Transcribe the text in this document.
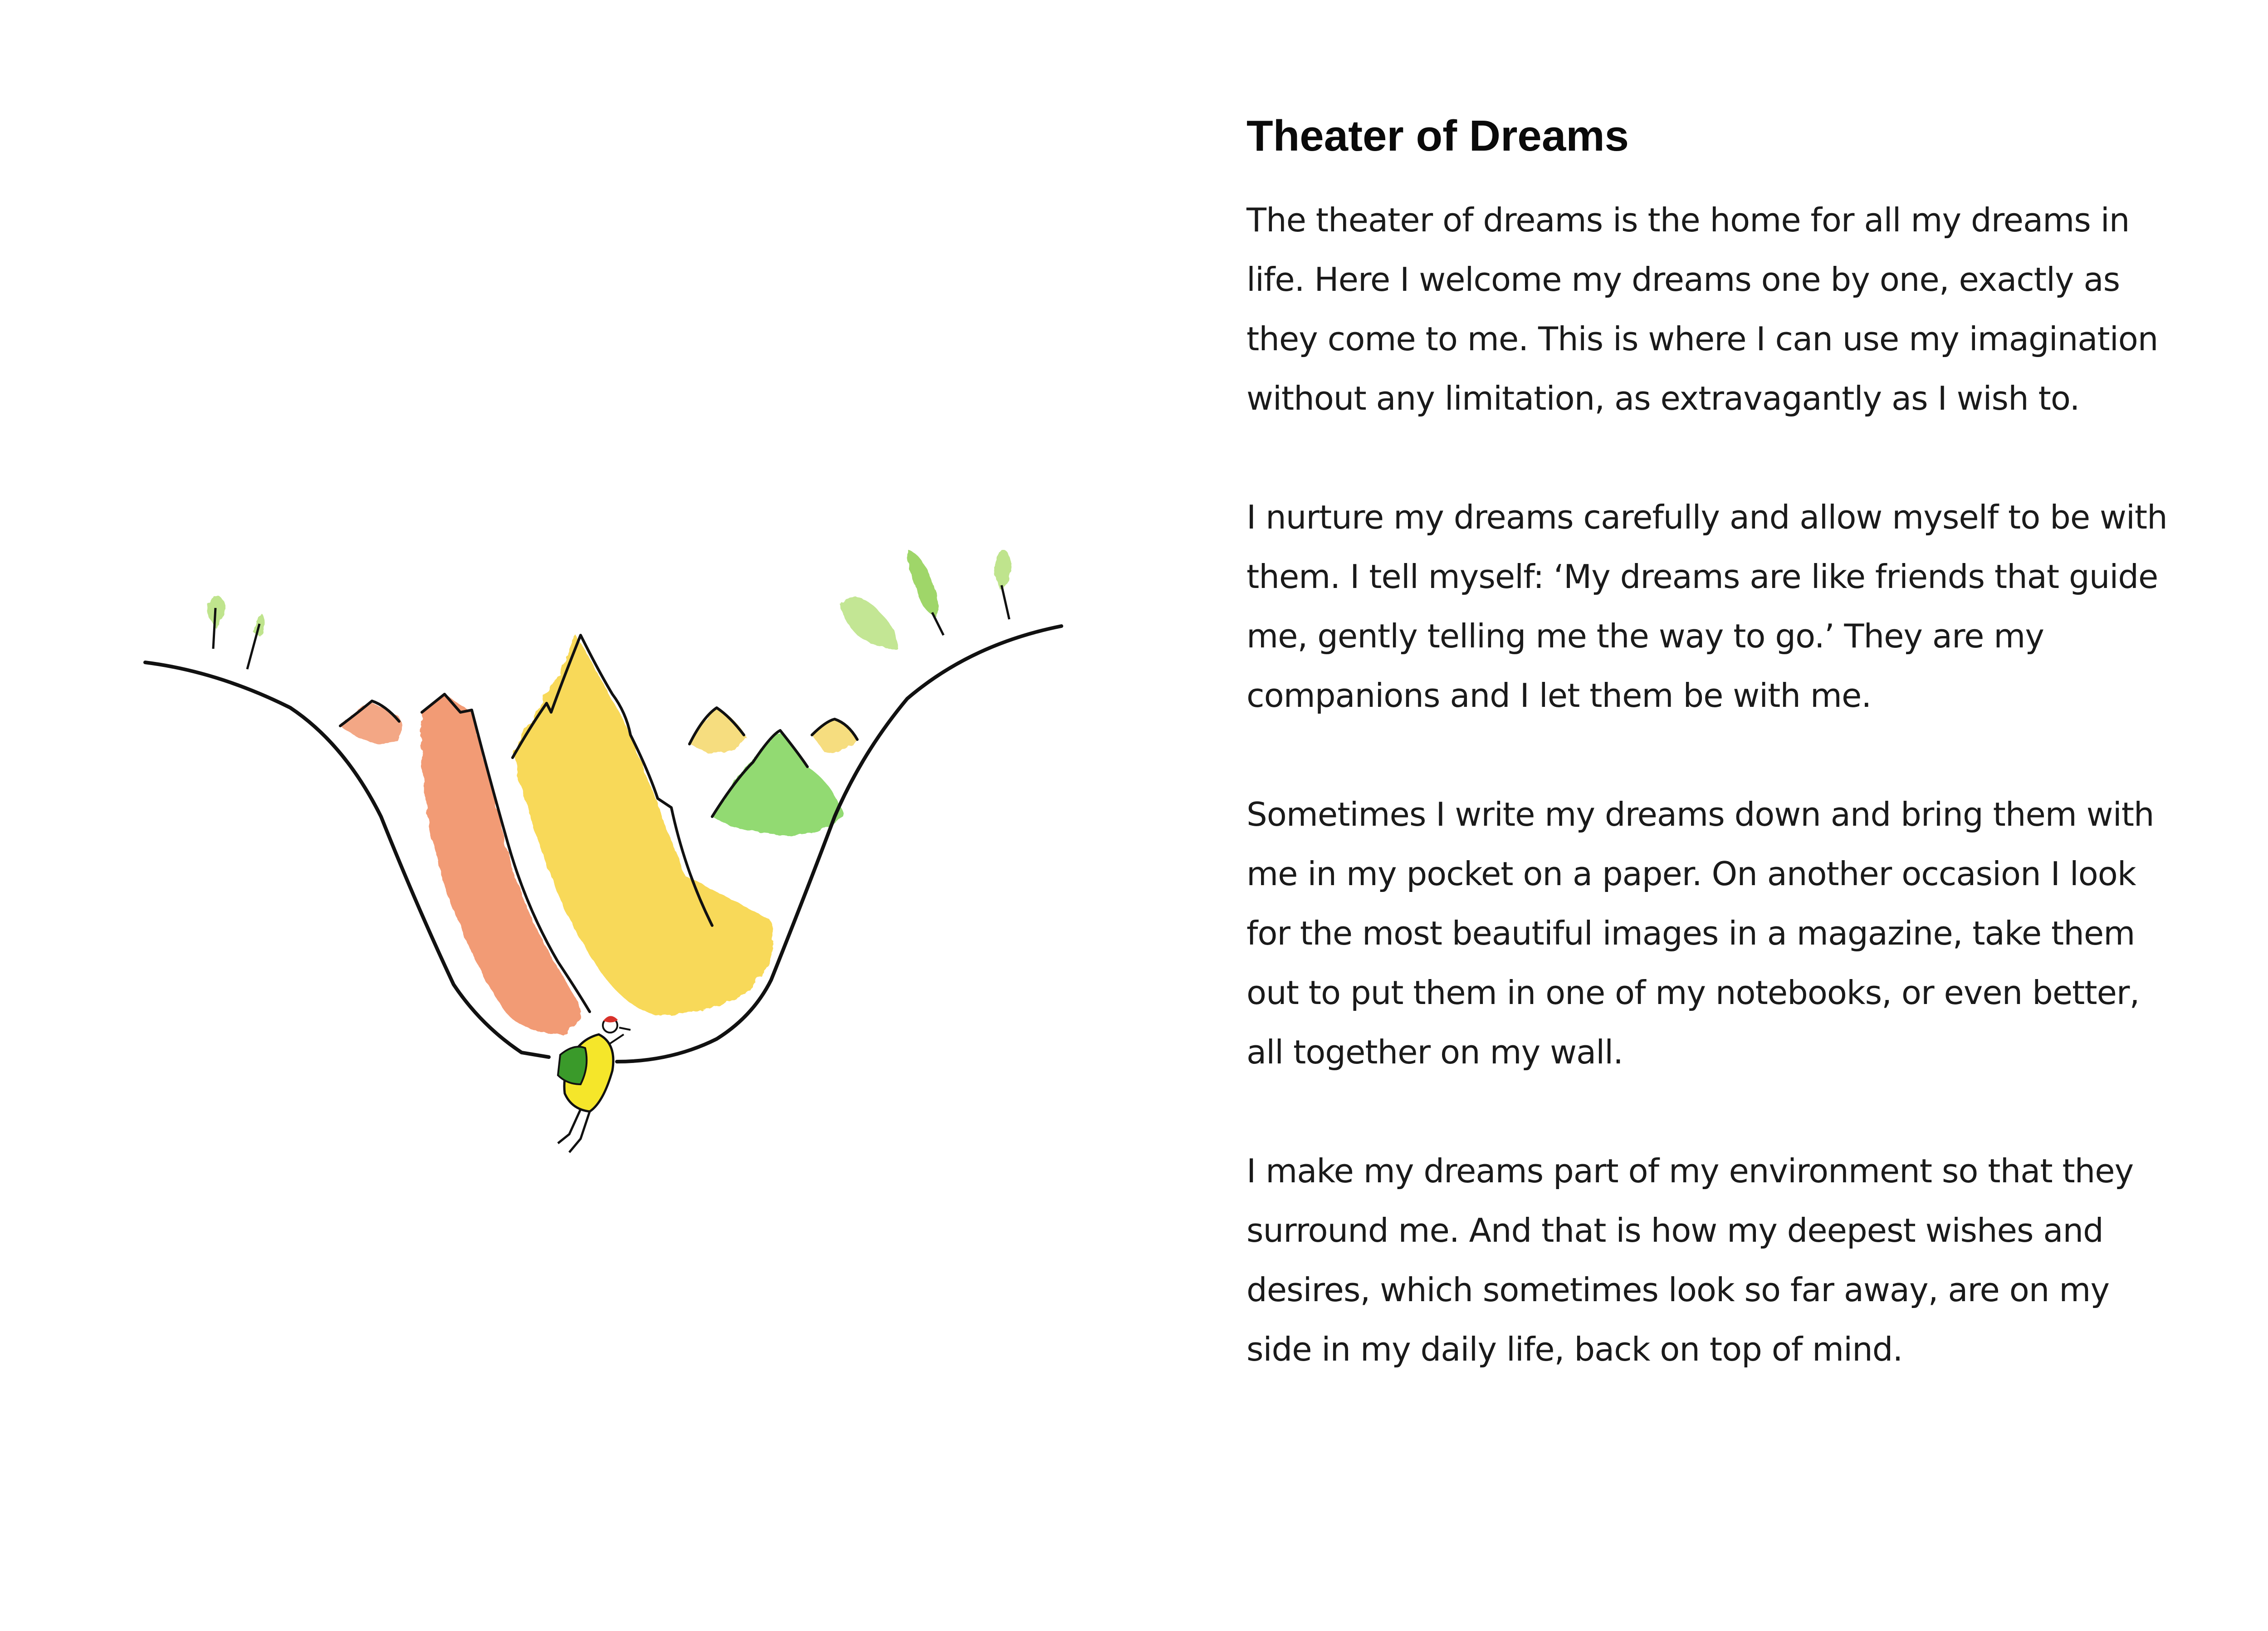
Theater of Dreams

The theater of dreams is the home for all my dreams in
life. Here I welcome my dreams one by one, exactly as
they come to me. This is where I can use my imagination
without any limitation, as extravagantly as I wish to.

I nurture my dreams carefully and allow myself to be with
them. I tell myself: ‘My dreams are like friends that guide
me, gently telling me the way to go.’ They are my
companions and I let them be with me.

Sometimes I write my dreams down and bring them with
me in my pocket on a paper. On another occasion I look
for the most beautiful images in a magazine, take them
out to put them in one of my notebooks, or even better,
all together on my wall.

I make my dreams part of my environment so that they
surround me. And that is how my deepest wishes and
desires, which sometimes look so far away, are on my
side in my daily life, back on top of mind.
